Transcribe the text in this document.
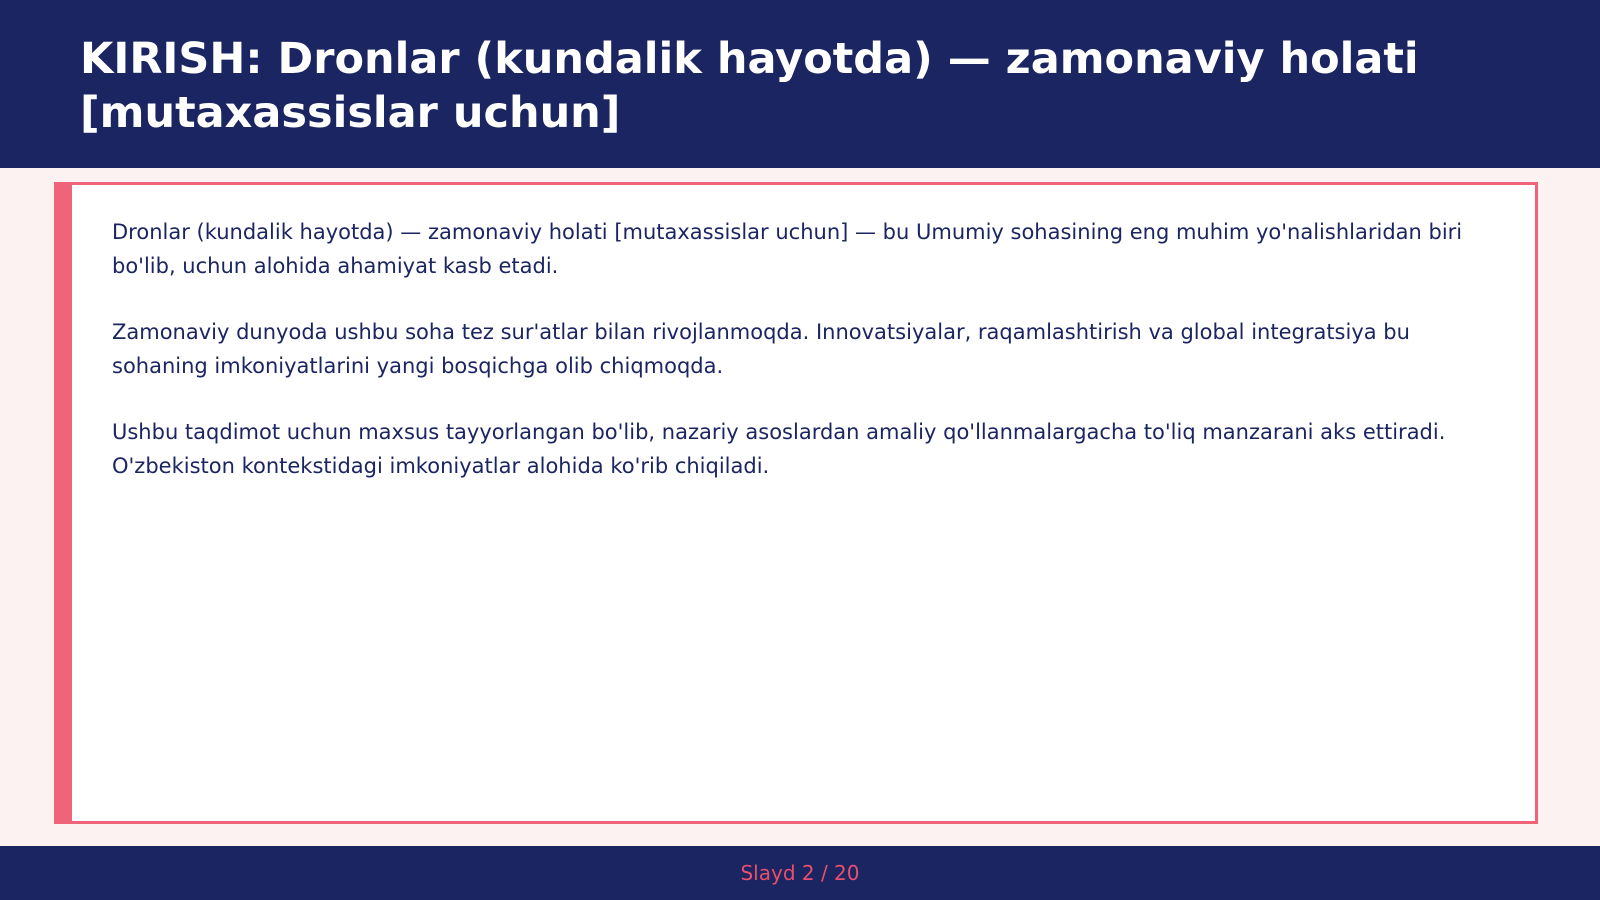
KIRISH: Dronlar (kundalik hayotda) — zamonaviy holati [mutaxassislar uchun]

Dronlar (kundalik hayotda) — zamonaviy holati [mutaxassislar uchun] — bu Umumiy sohasining eng muhim yo'nalishlaridan biri bo'lib, uchun alohida ahamiyat kasb etadi.

Zamonaviy dunyoda ushbu soha tez sur'atlar bilan rivojlanmoqda. Innovatsiyalar, raqamlashtirish va global integratsiya bu sohaning imkoniyatlarini yangi bosqichga olib chiqmoqda.

Ushbu taqdimot uchun maxsus tayyorlangan bo'lib, nazariy asoslardan amaliy qo'llanmalargacha to'liq manzarani aks ettiradi. O'zbekiston kontekstidagi imkoniyatlar alohida ko'rib chiqiladi.

Slayd 2 / 20
